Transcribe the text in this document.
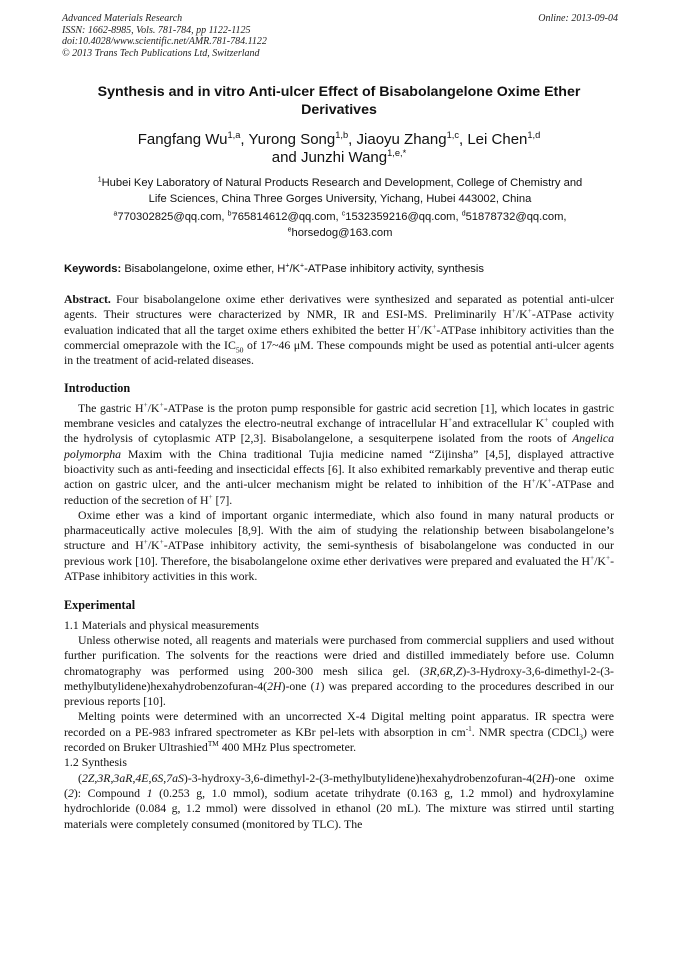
Advanced Materials Research
ISSN: 1662-8985, Vols. 781-784, pp 1122-1125
doi:10.4028/www.scientific.net/AMR.781-784.1122
© 2013 Trans Tech Publications Ltd, Switzerland
Online: 2013-09-04
Synthesis and in vitro Anti-ulcer Effect of Bisabolangelone Oxime Ether
Derivatives
Fangfang Wu$^{1,a}$, Yurong Song$^{1,b}$, Jiaoyu Zhang$^{1,c}$, Lei Chen$^{1,d}$
and Junzhi Wang$^{1,e,*}$
$^1$Hubei Key Laboratory of Natural Products Research and Development, College of Chemistry and
Life Sciences, China Three Gorges University, Yichang, Hubei 443002, China
$^a$770302825@qq.com, $^b$765814612@qq.com, $^c$1532359216@qq.com, $^d$51878732@qq.com,
$^e$horsedog@163.com
Keywords: Bisabolangelone, oxime ether, H+/K+-ATPase inhibitory activity, synthesis

Abstract. Four bisabolangelone oxime ether derivatives were synthesized and separated as potential anti-ulcer agents. Their structures were characterized by NMR, IR and ESI-MS. Preliminarily H+/K+-ATPase activity evaluation indicated that all the target oxime ethers exhibited the better H+/K+-ATPase inhibitory activities than the commercial omeprazole with the $IC_{50}$ of 17~46 μM. These compounds might be used as potential anti-ulcer agents in the treatment of acid-related diseases.

Introduction

The gastric H+/K+-ATPase is the proton pump responsible for gastric acid secretion [1], which locates in gastric membrane vesicles and catalyzes the electro-neutral exchange of intracellular H+and extracellular K+ coupled with the hydrolysis of cytoplasmic ATP [2,3]. Bisabolangelone, a sesquiterpene isolated from the roots of Angelica polymorpha Maxim with the China traditional Tujia medicine named “Zijinsha” [4,5], displayed attractive bioactivity such as anti-feeding and insecticidal effects [6]. It also exhibited remarkably preventive and therap eutic action on gastric ulcer, and the anti-ulcer mechanism might be related to inhibition of the H+/K+-ATPase and reduction of the secretion of H+ [7].

Oxime ether was a kind of important organic intermediate, which also found in many natural products or pharmaceutically active molecules [8,9]. With the aim of studying the relationship between bisabolangelone’s structure and H+/K+-ATPase inhibitory activity, the semi-synthesis of bisabolangelone was conducted in our previous work [10]. Therefore, the bisabolangelone oxime ether derivatives were prepared and evaluated the H+/K+-ATPase inhibitory activities in this work.

Experimental

1.1 Materials and physical measurements

Unless otherwise noted, all reagents and materials were purchased from commercial suppliers and used without further purification. The solvents for the reactions were dried and distilled immediately before use. Column chromatography was performed using 200-300 mesh silica gel. (3R,6R,Z)-3-Hydroxy-3,6-dimethyl-2-(3-methylbutylidene)hexahydrobenzofuran-4(2H)-one (1) was prepared according to the procedures described in our previous reports [10].

Melting points were determined with an uncorrected X-4 Digital melting point apparatus. IR spectra were recorded on a PE-983 infrared spectrometer as KBr pel-lets with absorption in $cm^{-1}$. NMR spectra (CDCl$_3$) were recorded on Bruker Ultrashied™ 400 MHz Plus spectrometer.

1.2 Synthesis

(2Z,3R,3aR,4E,6S,7aS)-3-hydroxy-3,6-dimethyl-2-(3-methylbutylidene)hexahydrobenzofuran-4(2H)-one oxime (2): Compound 1 (0.253 g, 1.0 mmol), sodium acetate trihydrate (0.163 g, 1.2 mmol) and hydroxylamine hydrochloride (0.084 g, 1.2 mmol) were dissolved in ethanol (20 mL). The mixture was stirred until starting materials were completely consumed (monitored by TLC). The
